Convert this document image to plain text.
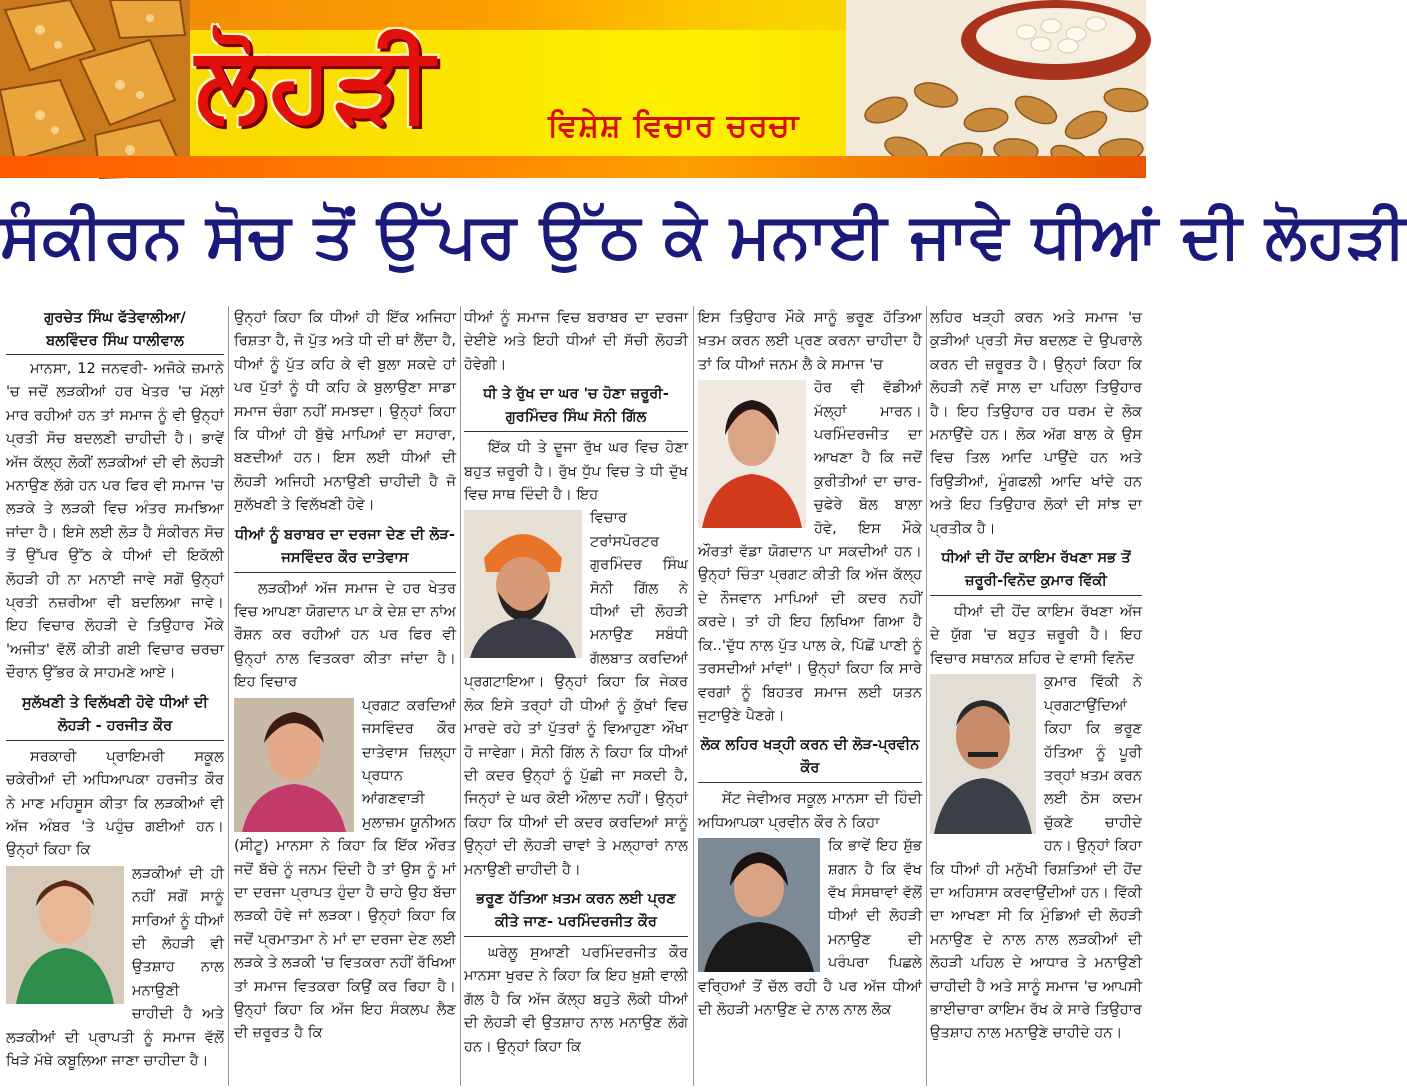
ਲੋਹੜੀ	ਵਿਸ਼ੇਸ਼ ਵਿਚਾਰ ਚਰਚਾ
ਸੰਕੀਰਨ ਸੋਚ ਤੋਂ ਉੱਪਰ ਉੱਠ ਕੇ ਮਨਾਈ ਜਾਵੇ ਧੀਆਂ ਦੀ ਲੋਹੜੀ

ਗੁਰਚੇਤ ਸਿੰਘ ਫੱਤੇਵਾਲੀਆ/

ਬਲਵਿੰਦਰ ਸਿੰਘ ਧਾਲੀਵਾਲ

ਮਾਨਸਾ, 12 ਜਨਵਰੀ- ਅਜੋਕੇ ਜ਼ਮਾਨੇ 'ਚ ਜਦੋਂ ਲੜਕੀਆਂ ਹਰ ਖੇਤਰ 'ਚ ਮੱਲਾਂ ਮਾਰ ਰਹੀਆਂ ਹਨ ਤਾਂ ਸਮਾਜ ਨੂੰ ਵੀ ਉਨ੍ਹਾਂ ਪ੍ਰਤੀ ਸੋਚ ਬਦਲਣੀ ਚਾਹੀਦੀ ਹੈ। ਭਾਵੇਂ ਅੱਜ ਕੱਲ੍ਹ ਲੋਕੀਂ ਲੜਕੀਆਂ ਦੀ ਵੀ ਲੋਹੜੀ ਮਨਾਉਣ ਲੱਗੇ ਹਨ ਪਰ ਫਿਰ ਵੀ ਸਮਾਜ 'ਚ ਲੜਕੇ ਤੇ ਲੜਕੀ ਵਿਚ ਅੰਤਰ ਸਮਝਿਆ ਜਾਂਦਾ ਹੈ। ਇਸੇ ਲਈ ਲੋੜ ਹੈ ਸੰਕੀਰਨ ਸੋਚ ਤੋਂ ਉੱਪਰ ਉੱਠ ਕੇ ਧੀਆਂ ਦੀ ਇਕੱਲੀ ਲੋਹੜੀ ਹੀ ਨਾ ਮਨਾਈ ਜਾਵੇ ਸਗੋਂ ਉਨ੍ਹਾਂ ਪ੍ਰਤੀ ਨਜ਼ਰੀਆ ਵੀ ਬਦਲਿਆ ਜਾਵੇ। ਇਹ ਵਿਚਾਰ ਲੋਹੜੀ ਦੇ ਤਿਉਹਾਰ ਮੌਕੇ 'ਅਜੀਤ' ਵੱਲੋਂ ਕੀਤੀ ਗਈ ਵਿਚਾਰ ਚਰਚਾ ਦੌਰਾਨ ਉੱਭਰ ਕੇ ਸਾਹਮਣੇ ਆਏ।

ਸੁਲੱਖਣੀ ਤੇ ਵਿਲੱਖਣੀ ਹੋਵੇ ਧੀਆਂ ਦੀ ਲੋਹੜੀ - ਹਰਜੀਤ ਕੌਰ

ਸਰਕਾਰੀ ਪ੍ਰਾਇਮਰੀ ਸਕੂਲ ਚਕੇਰੀਆਂ ਦੀ ਅਧਿਆਪਕਾ ਹਰਜੀਤ ਕੌਰ ਨੇ ਮਾਣ ਮਹਿਸੂਸ ਕੀਤਾ ਕਿ ਲੜਕੀਆਂ ਵੀ ਅੱਜ ਅੰਬਰ 'ਤੇ ਪਹੁੰਚ ਗਈਆਂ ਹਨ। ਉਨ੍ਹਾਂ ਕਿਹਾ ਕਿ

ਲੜਕੀਆਂ ਦੀ ਹੀ ਨਹੀਂ ਸਗੋਂ ਸਾਨੂੰ ਸਾਰਿਆਂ ਨੂੰ ਧੀਆਂ ਦੀ ਲੋਹੜੀ ਵੀ ਉਤਸ਼ਾਹ ਨਾਲ ਮਨਾਉਣੀ ਚਾਹੀਦੀ ਹੈ ਅਤੇ ਲੜਕੀਆਂ ਦੀ ਪ੍ਰਾਪਤੀ ਨੂੰ ਸਮਾਜ ਵੱਲੋਂ ਖਿੜੇ ਮੱਥੇ ਕਬੂਲਿਆ ਜਾਣਾ ਚਾਹੀਦਾ ਹੈ।

ਉਨ੍ਹਾਂ ਕਿਹਾ ਕਿ ਧੀਆਂ ਹੀ ਇੱਕ ਅਜਿਹਾ ਰਿਸ਼ਤਾ ਹੈ, ਜੋ ਪੁੱਤ ਅਤੇ ਧੀ ਦੀ ਥਾਂ ਲੈਂਦਾ ਹੈ, ਧੀਆਂ ਨੂੰ ਪੁੱਤ ਕਹਿ ਕੇ ਵੀ ਬੁਲਾ ਸਕਦੇ ਹਾਂ ਪਰ ਪੁੱਤਾਂ ਨੂੰ ਧੀ ਕਹਿ ਕੇ ਬੁਲਾਉਣਾ ਸਾਡਾ ਸਮਾਜ ਚੰਗਾ ਨਹੀਂ ਸਮਝਦਾ। ਉਨ੍ਹਾਂ ਕਿਹਾ ਕਿ ਧੀਆਂ ਹੀ ਬੁੱਢੇ ਮਾਪਿਆਂ ਦਾ ਸਹਾਰਾ, ਬਣਦੀਆਂ ਹਨ। ਇਸ ਲਈ ਧੀਆਂ ਦੀ ਲੋਹੜੀ ਅਜਿਹੀ ਮਨਾਉਣੀ ਚਾਹੀਦੀ ਹੈ ਜੋ ਸੁਲੱਖਣੀ ਤੇ ਵਿਲੱਖਣੀ ਹੋਵੇ।

ਧੀਆਂ ਨੂੰ ਬਰਾਬਰ ਦਾ ਦਰਜਾ ਦੇਣ ਦੀ ਲੋੜ-ਜਸਵਿੰਦਰ ਕੌਰ ਦਾਤੇਵਾਸ

ਲੜਕੀਆਂ ਅੱਜ ਸਮਾਜ ਦੇ ਹਰ ਖੇਤਰ ਵਿਚ ਆਪਣਾ ਯੋਗਦਾਨ ਪਾ ਕੇ ਦੇਸ਼ ਦਾ ਨਾਂਅ ਰੌਸ਼ਨ ਕਰ ਰਹੀਆਂ ਹਨ ਪਰ ਫਿਰ ਵੀ ਉਨ੍ਹਾਂ ਨਾਲ ਵਿਤਕਰਾ ਕੀਤਾ ਜਾਂਦਾ ਹੈ। ਇਹ ਵਿਚਾਰ

ਪ੍ਰਗਟ ਕਰਦਿਆਂ ਜਸਵਿੰਦਰ ਕੌਰ ਦਾਤੇਵਾਸ ਜ਼ਿਲ੍ਹਾ ਪ੍ਰਧਾਨ ਆਂਗਣਵਾੜੀ ਮੁਲਾਜ਼ਮ ਯੂਨੀਅਨ (ਸੀਟੂ) ਮਾਨਸਾ ਨੇ ਕਿਹਾ ਕਿ ਇੱਕ ਔਰਤ ਜਦੋਂ ਬੱਚੇ ਨੂੰ ਜਨਮ ਦਿੰਦੀ ਹੈ ਤਾਂ ਉਸ ਨੂੰ ਮਾਂ ਦਾ ਦਰਜਾ ਪ੍ਰਾਪਤ ਹੁੰਦਾ ਹੈ ਚਾਹੇ ਉਹ ਬੱਚਾ ਲੜਕੀ ਹੋਵੇ ਜਾਂ ਲੜਕਾ। ਉਨ੍ਹਾਂ ਕਿਹਾ ਕਿ ਜਦੋਂ ਪ੍ਰਮਾਤਮਾ ਨੇ ਮਾਂ ਦਾ ਦਰਜਾ ਦੇਣ ਲਈ ਲੜਕੇ ਤੇ ਲੜਕੀ 'ਚ ਵਿਤਕਰਾ ਨਹੀਂ ਰੱਖਿਆ ਤਾਂ ਸਮਾਜ ਵਿਤਕਰਾ ਕਿਉਂ ਕਰ ਰਿਹਾ ਹੈ। ਉਨ੍ਹਾਂ ਕਿਹਾ ਕਿ ਅੱਜ ਇਹ ਸੰਕਲਪ ਲੈਣ ਦੀ ਜ਼ਰੂਰਤ ਹੈ ਕਿ

ਧੀਆਂ ਨੂੰ ਸਮਾਜ ਵਿਚ ਬਰਾਬਰ ਦਾ ਦਰਜਾ ਦੇਈਏ ਅਤੇ ਇਹੀ ਧੀਆਂ ਦੀ ਸੱਚੀ ਲੋਹੜੀ ਹੋਵੇਗੀ।

ਧੀ ਤੇ ਰੁੱਖ ਦਾ ਘਰ 'ਚ ਹੋਣਾ ਜ਼ਰੂਰੀ-ਗੁਰਮਿੰਦਰ ਸਿੰਘ ਸੋਨੀ ਗਿੱਲ

ਇੱਕ ਧੀ ਤੇ ਦੂਜਾ ਰੁੱਖ ਘਰ ਵਿਚ ਹੋਣਾ ਬਹੁਤ ਜ਼ਰੂਰੀ ਹੈ। ਰੁੱਖ ਧੁੱਪ ਵਿਚ ਤੇ ਧੀ ਦੁੱਖ ਵਿਚ ਸਾਥ ਦਿੰਦੀ ਹੈ। ਇਹ

ਵਿਚਾਰ ਟਰਾਂਸਪੋਰਟਰ ਗੁਰਮਿੰਦਰ ਸਿੰਘ ਸੋਨੀ ਗਿੱਲ ਨੇ ਧੀਆਂ ਦੀ ਲੋਹੜੀ ਮਨਾਉਣ ਸਬੰਧੀ ਗੱਲਬਾਤ ਕਰਦਿਆਂ ਪ੍ਰਗਟਾਇਆ। ਉਨ੍ਹਾਂ ਕਿਹਾ ਕਿ ਜੇਕਰ ਲੋਕ ਇਸੇ ਤਰ੍ਹਾਂ ਹੀ ਧੀਆਂ ਨੂੰ ਕੁੱਖਾਂ ਵਿਚ ਮਾਰਦੇ ਰਹੇ ਤਾਂ ਪੁੱਤਰਾਂ ਨੂੰ ਵਿਆਹੁਣਾ ਔਖਾ ਹੋ ਜਾਵੇਗਾ। ਸੋਨੀ ਗਿੱਲ ਨੇ ਕਿਹਾ ਕਿ ਧੀਆਂ ਦੀ ਕਦਰ ਉਨ੍ਹਾਂ ਨੂੰ ਪੁੱਛੀ ਜਾ ਸਕਦੀ ਹੈ, ਜਿਨ੍ਹਾਂ ਦੇ ਘਰ ਕੋਈ ਔਲਾਦ ਨਹੀਂ। ਉਨ੍ਹਾਂ ਕਿਹਾ ਕਿ ਧੀਆਂ ਦੀ ਕਦਰ ਕਰਦਿਆਂ ਸਾਨੂੰ ਉਨ੍ਹਾਂ ਦੀ ਲੋਹੜੀ ਚਾਵਾਂ ਤੇ ਮਲ੍ਹਾਰਾਂ ਨਾਲ ਮਨਾਉਣੀ ਚਾਹੀਦੀ ਹੈ।

ਭਰੂਣ ਹੱਤਿਆ ਖ਼ਤਮ ਕਰਨ ਲਈ ਪ੍ਰਣ ਕੀਤੇ ਜਾਣ- ਪਰਮਿੰਦਰਜੀਤ ਕੌਰ

ਘਰੇਲੂ ਸੁਆਣੀ ਪਰਮਿੰਦਰਜੀਤ ਕੌਰ ਮਾਨਸਾ ਖੁਰਦ ਨੇ ਕਿਹਾ ਕਿ ਇਹ ਖ਼ੁਸ਼ੀ ਵਾਲੀ ਗੱਲ ਹੈ ਕਿ ਅੱਜ ਕੱਲ੍ਹ ਬਹੁਤੇ ਲੋਕੀ ਧੀਆਂ ਦੀ ਲੋਹੜੀ ਵੀ ਉਤਸ਼ਾਹ ਨਾਲ ਮਨਾਉਣ ਲੱਗੇ ਹਨ। ਉਨ੍ਹਾਂ ਕਿਹਾ ਕਿ

ਇਸ ਤਿਉਹਾਰ ਮੌਕੇ ਸਾਨੂੰ ਭਰੂਣ ਹੱਤਿਆ ਖ਼ਤਮ ਕਰਨ ਲਈ ਪ੍ਰਣ ਕਰਨਾ ਚਾਹੀਦਾ ਹੈ ਤਾਂ ਕਿ ਧੀਆਂ ਜਨਮ ਲੈ ਕੇ ਸਮਾਜ 'ਚ

ਹੋਰ ਵੀ ਵੱਡੀਆਂ ਮੱਲ੍ਹਾਂ ਮਾਰਨ। ਪਰਮਿੰਦਰਜੀਤ ਦਾ ਆਖਣਾ ਹੈ ਕਿ ਜਦੋਂ ਕੁਰੀਤੀਆਂ ਦਾ ਚਾਰ-ਚੁਫੇਰੇ ਬੋਲ ਬਾਲਾ ਹੋਵੇ, ਇਸ ਮੌਕੇ ਔਰਤਾਂ ਵੱਡਾ ਯੋਗਦਾਨ ਪਾ ਸਕਦੀਆਂ ਹਨ। ਉਨ੍ਹਾਂ ਚਿੰਤਾ ਪ੍ਰਗਟ ਕੀਤੀ ਕਿ ਅੱਜ ਕੱਲ੍ਹ ਦੇ ਨੌਜਵਾਨ ਮਾਪਿਆਂ ਦੀ ਕਦਰ ਨਹੀਂ ਕਰਦੇ। ਤਾਂ ਹੀ ਇਹ ਲਿਖਿਆ ਗਿਆ ਹੈ ਕਿ..'ਦੁੱਧ ਨਾਲ ਪੁੱਤ ਪਾਲ ਕੇ, ਪਿੱਛੋਂ ਪਾਣੀ ਨੂੰ ਤਰਸਦੀਆਂ ਮਾਂਵਾਂ'। ਉਨ੍ਹਾਂ ਕਿਹਾ ਕਿ ਸਾਰੇ ਵਰਗਾਂ ਨੂੰ ਬਿਹਤਰ ਸਮਾਜ ਲਈ ਯਤਨ ਜੁਟਾਉਣੇ ਪੈਣਗੇ।

ਲੋਕ ਲਹਿਰ ਖੜ੍ਹੀ ਕਰਨ ਦੀ ਲੋੜ-ਪ੍ਰਵੀਨ ਕੌਰ

ਸੇਂਟ ਜੇਵੀਅਰ ਸਕੂਲ ਮਾਨਸਾ ਦੀ ਹਿੰਦੀ ਅਧਿਆਪਕਾ ਪ੍ਰਵੀਨ ਕੌਰ ਨੇ ਕਿਹਾ

ਕਿ ਭਾਵੇਂ ਇਹ ਸ਼ੁੱਭ ਸ਼ਗਨ ਹੈ ਕਿ ਵੱਖ ਵੱਖ ਸੰਸਥਾਵਾਂ ਵੱਲੋਂ ਧੀਆਂ ਦੀ ਲੋਹੜੀ ਮਨਾਉਣ ਦੀ ਪਰੰਪਰਾ ਪਿਛਲੇ ਵਰ੍ਹਿਆਂ ਤੋਂ ਚੱਲ ਰਹੀ ਹੈ ਪਰ ਅੱਜ ਧੀਆਂ ਦੀ ਲੋਹੜੀ ਮਨਾਉਣ ਦੇ ਨਾਲ ਨਾਲ ਲੋਕ

ਲਹਿਰ ਖੜ੍ਹੀ ਕਰਨ ਅਤੇ ਸਮਾਜ 'ਚ ਕੁੜੀਆਂ ਪ੍ਰਤੀ ਸੋਚ ਬਦਲਣ ਦੇ ਉਪਰਾਲੇ ਕਰਨ ਦੀ ਜ਼ਰੂਰਤ ਹੈ। ਉਨ੍ਹਾਂ ਕਿਹਾ ਕਿ ਲੋਹੜੀ ਨਵੇਂ ਸਾਲ ਦਾ ਪਹਿਲਾ ਤਿਉਹਾਰ ਹੈ। ਇਹ ਤਿਉਹਾਰ ਹਰ ਧਰਮ ਦੇ ਲੋਕ ਮਨਾਉਂਦੇ ਹਨ। ਲੋਕ ਅੱਗ ਬਾਲ ਕੇ ਉਸ ਵਿਚ ਤਿਲ ਆਦਿ ਪਾਉਂਦੇ ਹਨ ਅਤੇ ਰਿਉੜੀਆਂ, ਮੂੰਗਫਲੀ ਆਦਿ ਖਾਂਦੇ ਹਨ ਅਤੇ ਇਹ ਤਿਉਹਾਰ ਲੋਕਾਂ ਦੀ ਸਾਂਝ ਦਾ ਪ੍ਰਤੀਕ ਹੈ।

ਧੀਆਂ ਦੀ ਹੋਂਦ ਕਾਇਮ ਰੱਖਣਾ ਸਭ ਤੋਂ ਜ਼ਰੂਰੀ-ਵਿਨੋਦ ਕੁਮਾਰ ਵਿੱਕੀ

ਧੀਆਂ ਦੀ ਹੋਂਦ ਕਾਇਮ ਰੱਖਣਾ ਅੱਜ ਦੇ ਯੁੱਗ 'ਚ ਬਹੁਤ ਜ਼ਰੂਰੀ ਹੈ। ਇਹ ਵਿਚਾਰ ਸਥਾਨਕ ਸ਼ਹਿਰ ਦੇ ਵਾਸੀ ਵਿਨੋਦ

ਕੁਮਾਰ ਵਿੱਕੀ ਨੇ ਪ੍ਰਗਟਾਉਂਦਿਆਂ ਕਿਹਾ ਕਿ ਭਰੂਣ ਹੱਤਿਆ ਨੂੰ ਪੂਰੀ ਤਰ੍ਹਾਂ ਖ਼ਤਮ ਕਰਨ ਲਈ ਠੋਸ ਕਦਮ ਚੁੱਕਣੇ ਚਾਹੀਦੇ ਹਨ। ਉਨ੍ਹਾਂ ਕਿਹਾ ਕਿ ਧੀਆਂ ਹੀ ਮਨੁੱਖੀ ਰਿਸ਼ਤਿਆਂ ਦੀ ਹੋਂਦ ਦਾ ਅਹਿਸਾਸ ਕਰਵਾਉਂਦੀਆਂ ਹਨ। ਵਿੱਕੀ ਦਾ ਆਖਣਾ ਸੀ ਕਿ ਮੁੰਡਿਆਂ ਦੀ ਲੋਹੜੀ ਮਨਾਉਣ ਦੇ ਨਾਲ ਨਾਲ ਲੜਕੀਆਂ ਦੀ ਲੋਹੜੀ ਪਹਿਲ ਦੇ ਆਧਾਰ ਤੇ ਮਨਾਉਣੀ ਚਾਹੀਦੀ ਹੈ ਅਤੇ ਸਾਨੂੰ ਸਮਾਜ 'ਚ ਆਪਸੀ ਭਾਈਚਾਰਾ ਕਾਇਮ ਰੱਖ ਕੇ ਸਾਰੇ ਤਿਉਹਾਰ ਉਤਸ਼ਾਹ ਨਾਲ ਮਨਾਉਣੇ ਚਾਹੀਦੇ ਹਨ।
